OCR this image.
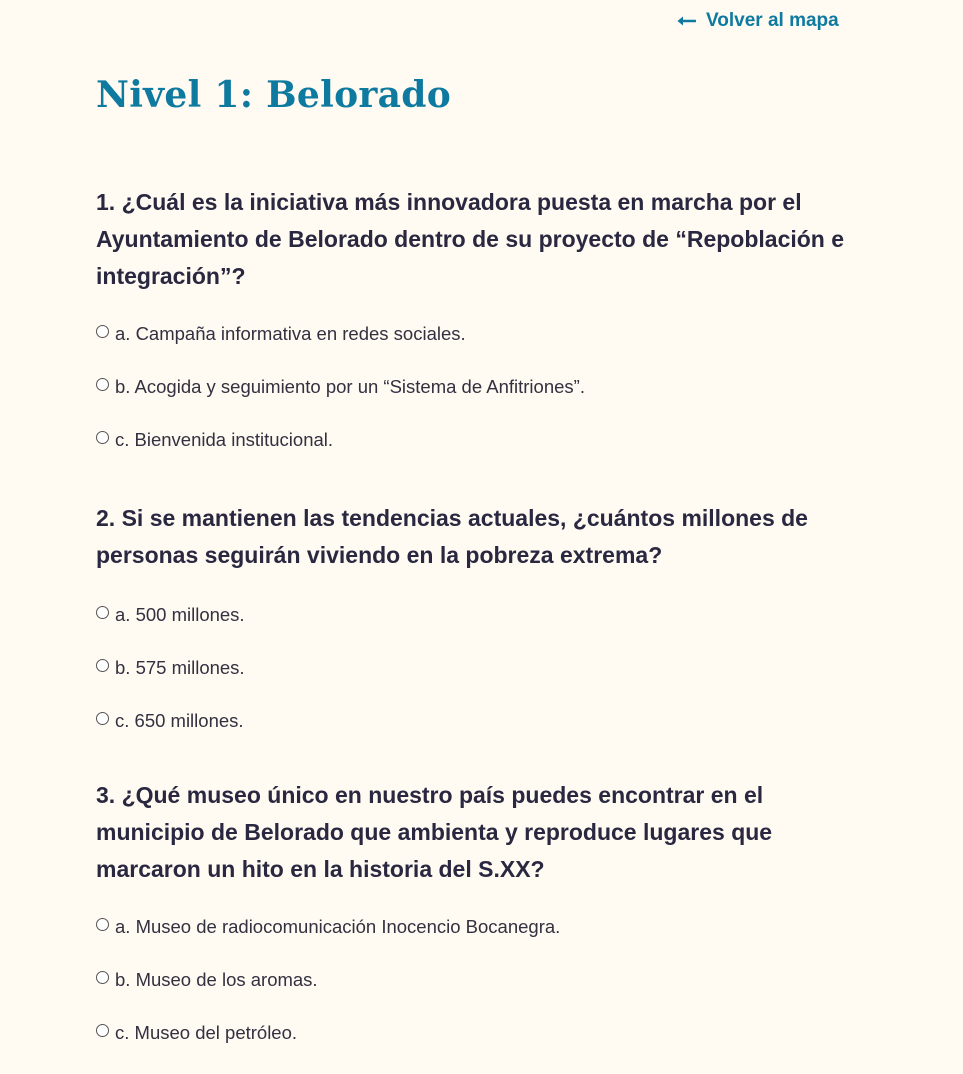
Volver al mapa
Nivel 1: Belorado

1. ¿Cuál es la iniciativa más innovadora puesta en marcha por el Ayuntamiento de Belorado dentro de su proyecto de “Repoblación e integración”?

a. Campaña informativa en redes sociales.
b. Acogida y seguimiento por un “Sistema de Anfitriones”.
c. Bienvenida institucional.

2. Si se mantienen las tendencias actuales, ¿cuántos millones de personas seguirán viviendo en la pobreza extrema?

a. 500 millones.
b. 575 millones.
c. 650 millones.

3. ¿Qué museo único en nuestro país puedes encontrar en el municipio de Belorado que ambienta y reproduce lugares que marcaron un hito en la historia del S.XX?

a. Museo de radiocomunicación Inocencio Bocanegra.
b. Museo de los aromas.
c. Museo del petróleo.
